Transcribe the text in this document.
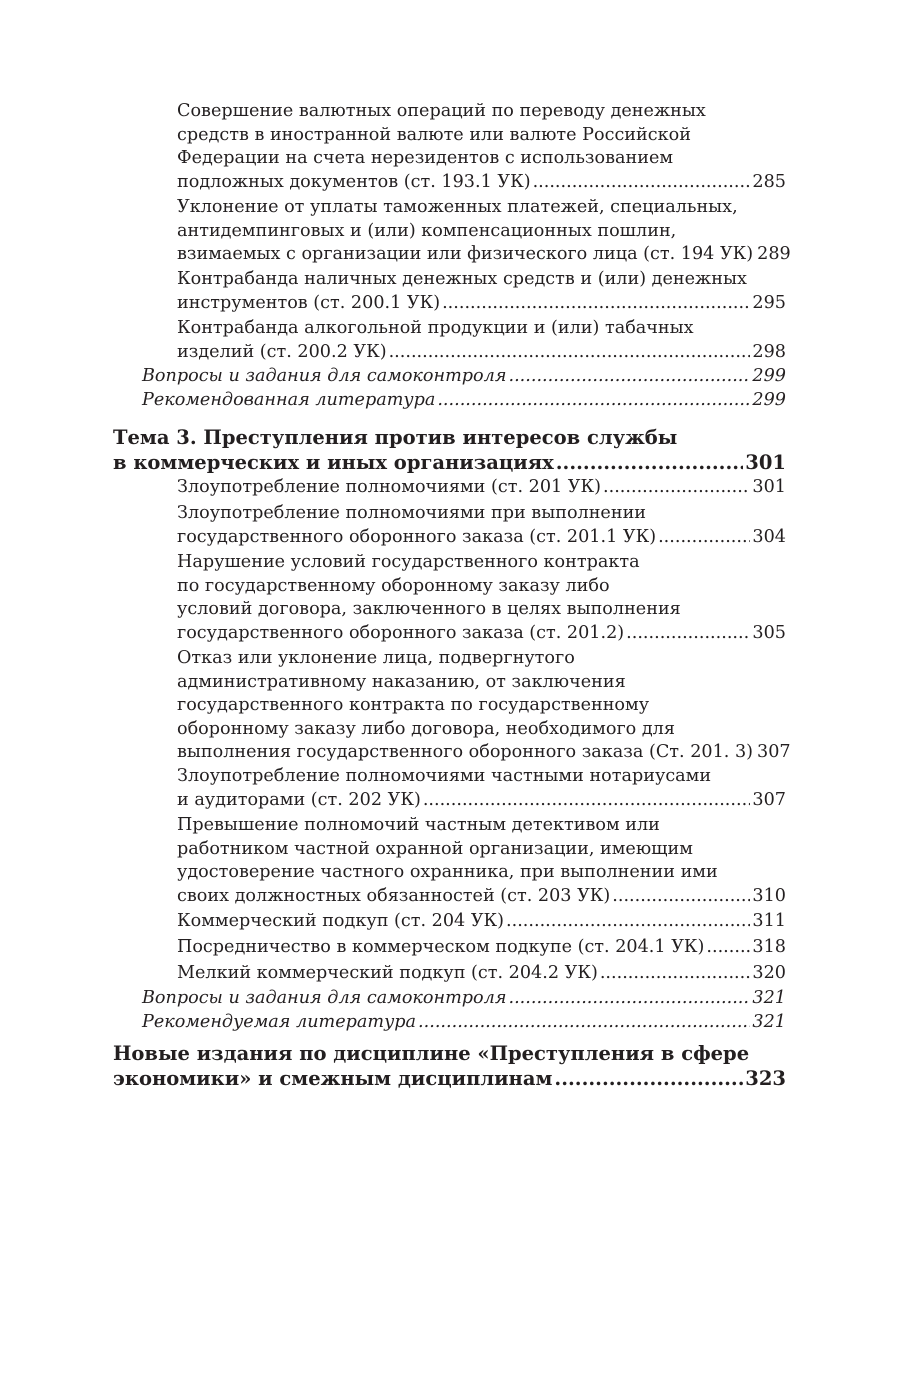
Совершение валютных операций по переводу денежных
средств в иностранной валюте или валюте Российской
Федерации на счета нерезидентов с использованием
подложных документов (ст. 193.1 УК) .....	285
Уклонение от уплаты таможенных платежей, специальных,
антидемпинговых и (или) компенсационных пошлин,
взимаемых с организации или физического лица (ст. 194 УК) 289
Контрабанда наличных денежных средств и (или) денежных
инструментов (ст. 200.1 УК) .....	295
Контрабанда алкогольной продукции и (или) табачных
изделий (ст. 200.2 УК) .....	298
Вопросы и задания для самоконтроля .....	299
Рекомендованная литература .....	299
Тема 3. Преступления против интересов службы
в коммерческих и иных организациях .....	301
Злоупотребление полномочиями (ст. 201 УК) .....	301
Злоупотребление полномочиями при выполнении
государственного оборонного заказа (ст. 201.1 УК) .....	304
Нарушение условий государственного контракта
по государственному оборонному заказу либо
условий договора, заключенного в целях выполнения
государственного оборонного заказа (ст. 201.2) .....	305
Отказ или уклонение лица, подвергнутого
административному наказанию, от заключения
государственного контракта по государственному
оборонному заказу либо договора, необходимого для
выполнения государственного оборонного заказа (Ст. 201. 3) 307
Злоупотребление полномочиями частными нотариусами
и аудиторами (ст. 202 УК) .....	307
Превышение полномочий частным детективом или
работником частной охранной организации, имеющим
удостоверение частного охранника, при выполнении ими
своих должностных обязанностей (ст. 203 УК) .....	310
Коммерческий подкуп (ст. 204 УК) .....	311
Посредничество в коммерческом подкупе (ст. 204.1 УК) .....	318
Мелкий коммерческий подкуп (ст. 204.2 УК) .....	320
Вопросы и задания для самоконтроля .....	321
Рекомендуемая литература .....	321
Новые издания по дисциплине «Преступления в сфере
экономики» и смежным дисциплинам .....	323
